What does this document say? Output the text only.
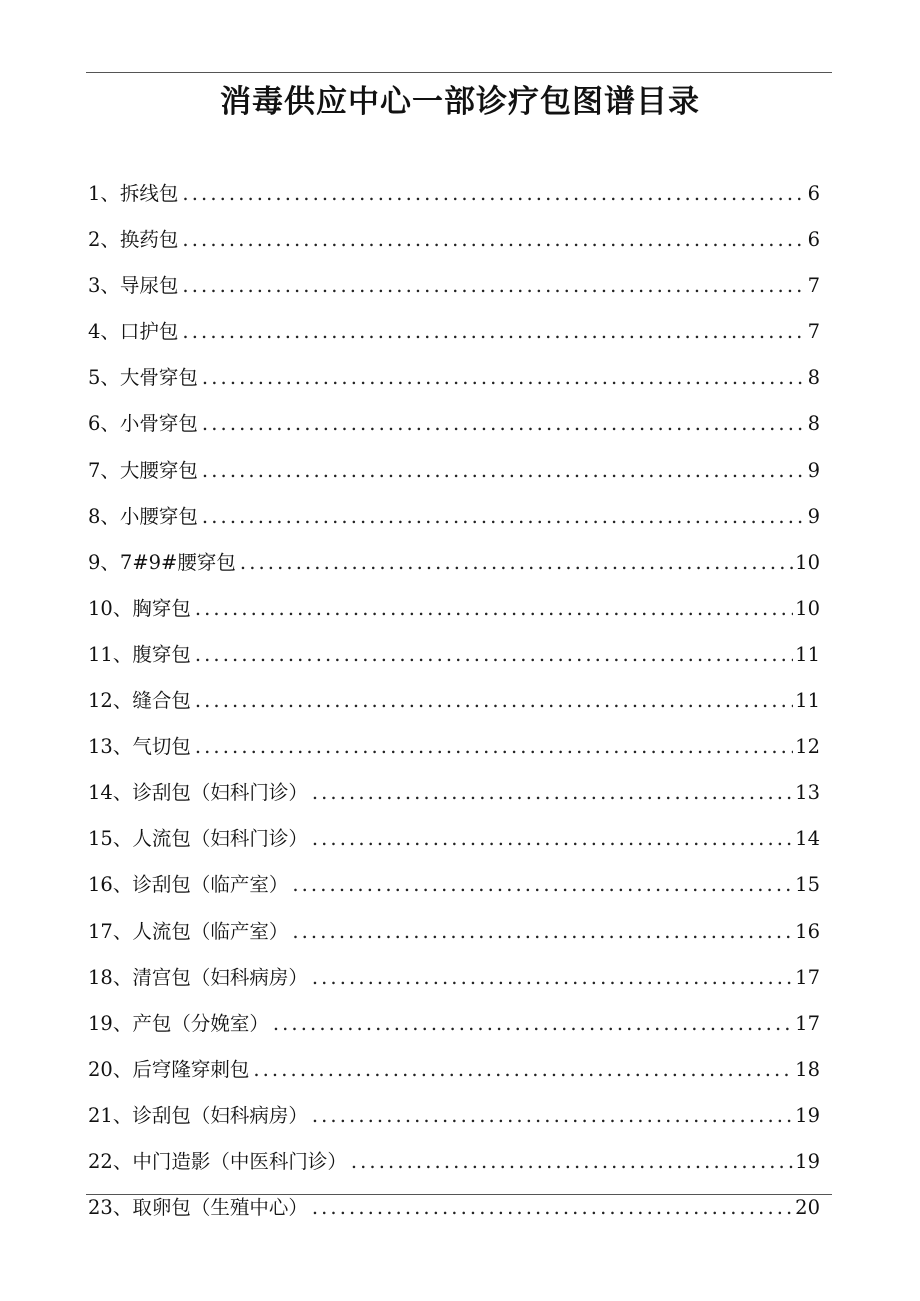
消毒供应中心一部诊疗包图谱目录
1、拆线包 .....	6
2、换药包 .....	6
3、导尿包 .....	7
4、口护包 .....	7
5、大骨穿包 .....	8
6、小骨穿包 .....	8
7、大腰穿包 .....	9
8、小腰穿包 .....	9
9、7#9#腰穿包 .....	10
10、胸穿包 .....	10
11、腹穿包 .....	11
12、缝合包 .....	11
13、气切包 .....	12
14、诊刮包（妇科门诊） .....	13
15、人流包（妇科门诊） .....	14
16、诊刮包（临产室） .....	15
17、人流包（临产室） .....	16
18、清宫包（妇科病房） .....	17
19、产包（分娩室） .....	17
20、后穹隆穿刺包 .....	18
21、诊刮包（妇科病房） .....	19
22、中门造影（中医科门诊） .....	19
23、取卵包（生殖中心） .....	20
